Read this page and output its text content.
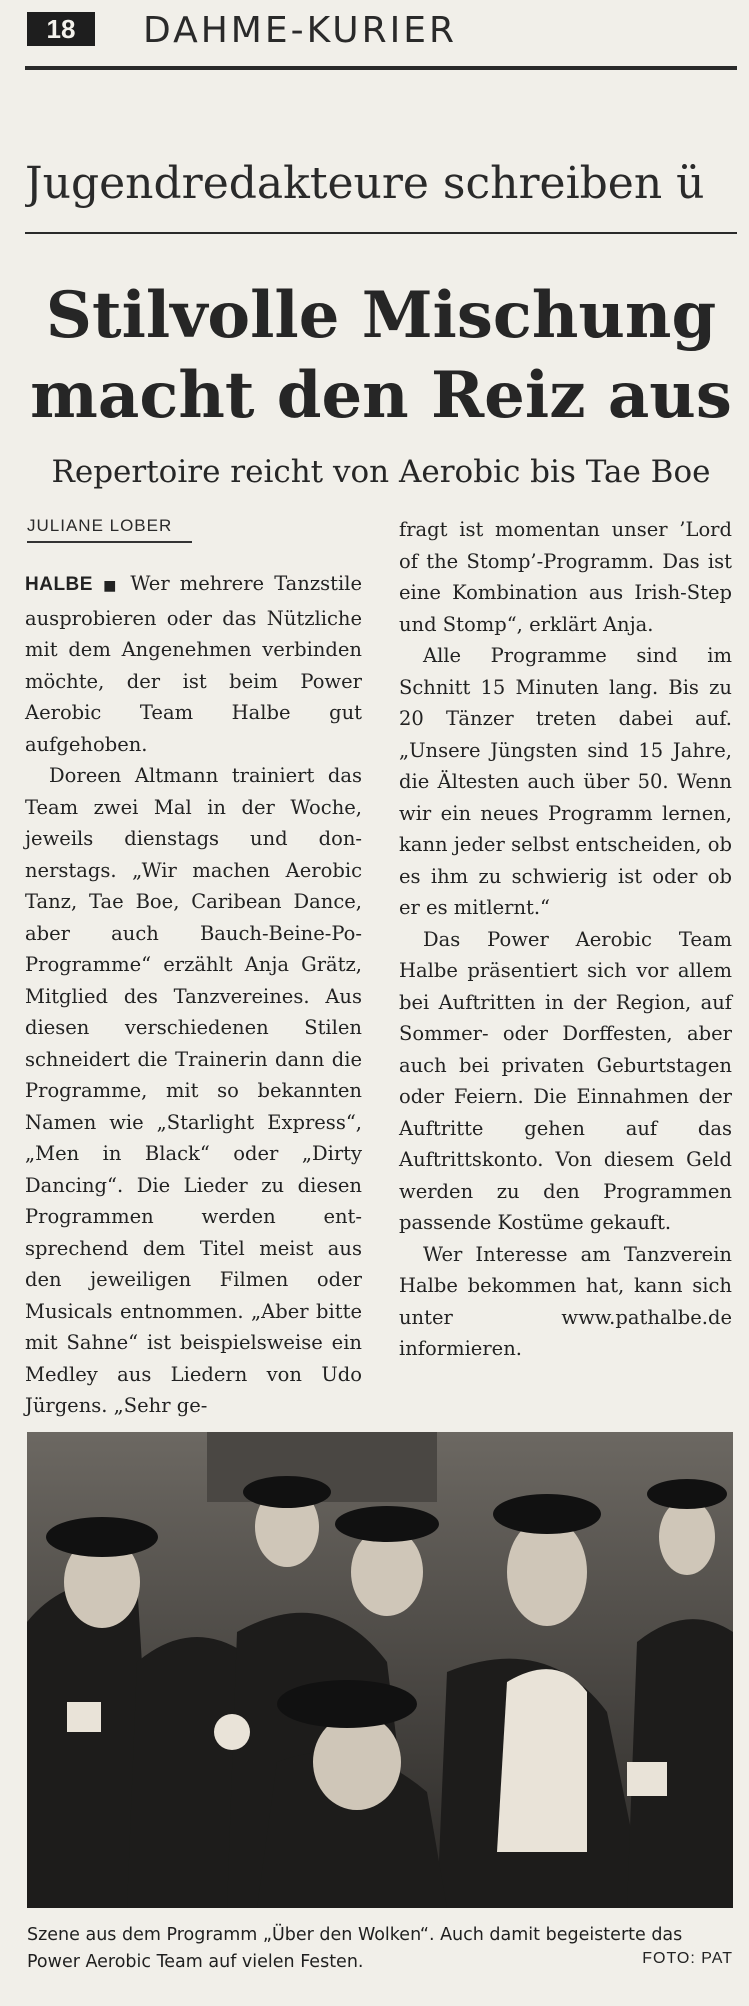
18	DAHME-KURIER
Jugendredakteure schreiben ü
Stilvolle Mischung
macht den Reiz aus
Repertoire reicht von Aerobic bis Tae Boe
JULIANE LOBER

HALBE ■ Wer mehrere Tanzstile ausprobieren oder das Nützliche mit dem Angenehmen verbinden möchte, der ist beim Power Aerobic Team Halbe gut aufgehoben.

Doreen Altmann trainiert das Team zwei Mal in der Woche, jeweils dienstags und donnerstags. „Wir machen Aerobic Tanz, Tae Boe, Caribean Dance, aber auch Bauch-Beine-Po-Programme“ erzählt Anja Grätz, Mitglied des Tanzvereines. Aus diesen verschiedenen Stilen schneidert die Trainerin dann die Programme, mit so bekannten Namen wie „Starlight Express“, „Men in Black“ oder „Dirty Dancing“. Die Lieder zu diesen Programmen werden entsprechend dem Titel meist aus den jeweiligen Filmen oder Musicals entnommen. „Aber bitte mit Sahne“ ist beispielsweise ein Medley aus Liedern von Udo Jürgens. „Sehr ge-

fragt ist momentan unser ’Lord of the Stomp’-Programm. Das ist eine Kombination aus Irish-Step und Stomp“, erklärt Anja.

Alle Programme sind im Schnitt 15 Minuten lang. Bis zu 20 Tänzer treten dabei auf. „Unsere Jüngsten sind 15 Jahre, die Ältesten auch über 50. Wenn wir ein neues Programm lernen, kann jeder selbst entscheiden, ob es ihm zu schwierig ist oder ob er es mitlernt.“

Das Power Aerobic Team Halbe präsentiert sich vor allem bei Auftritten in der Region, auf Sommer- oder Dorffesten, aber auch bei privaten Geburtstagen oder Feiern. Die Einnahmen der Auftritte gehen auf das Auftrittskonto. Von diesem Geld werden zu den Programmen passende Kostüme gekauft.

Wer Interesse am Tanzverein Halbe bekommen hat, kann sich unter www.pathalbe.de informieren.

Szene aus dem Programm „Über den Wolken“. Auch damit begeisterte das Power Aerobic Team auf vielen Festen.	FOTO: PAT
